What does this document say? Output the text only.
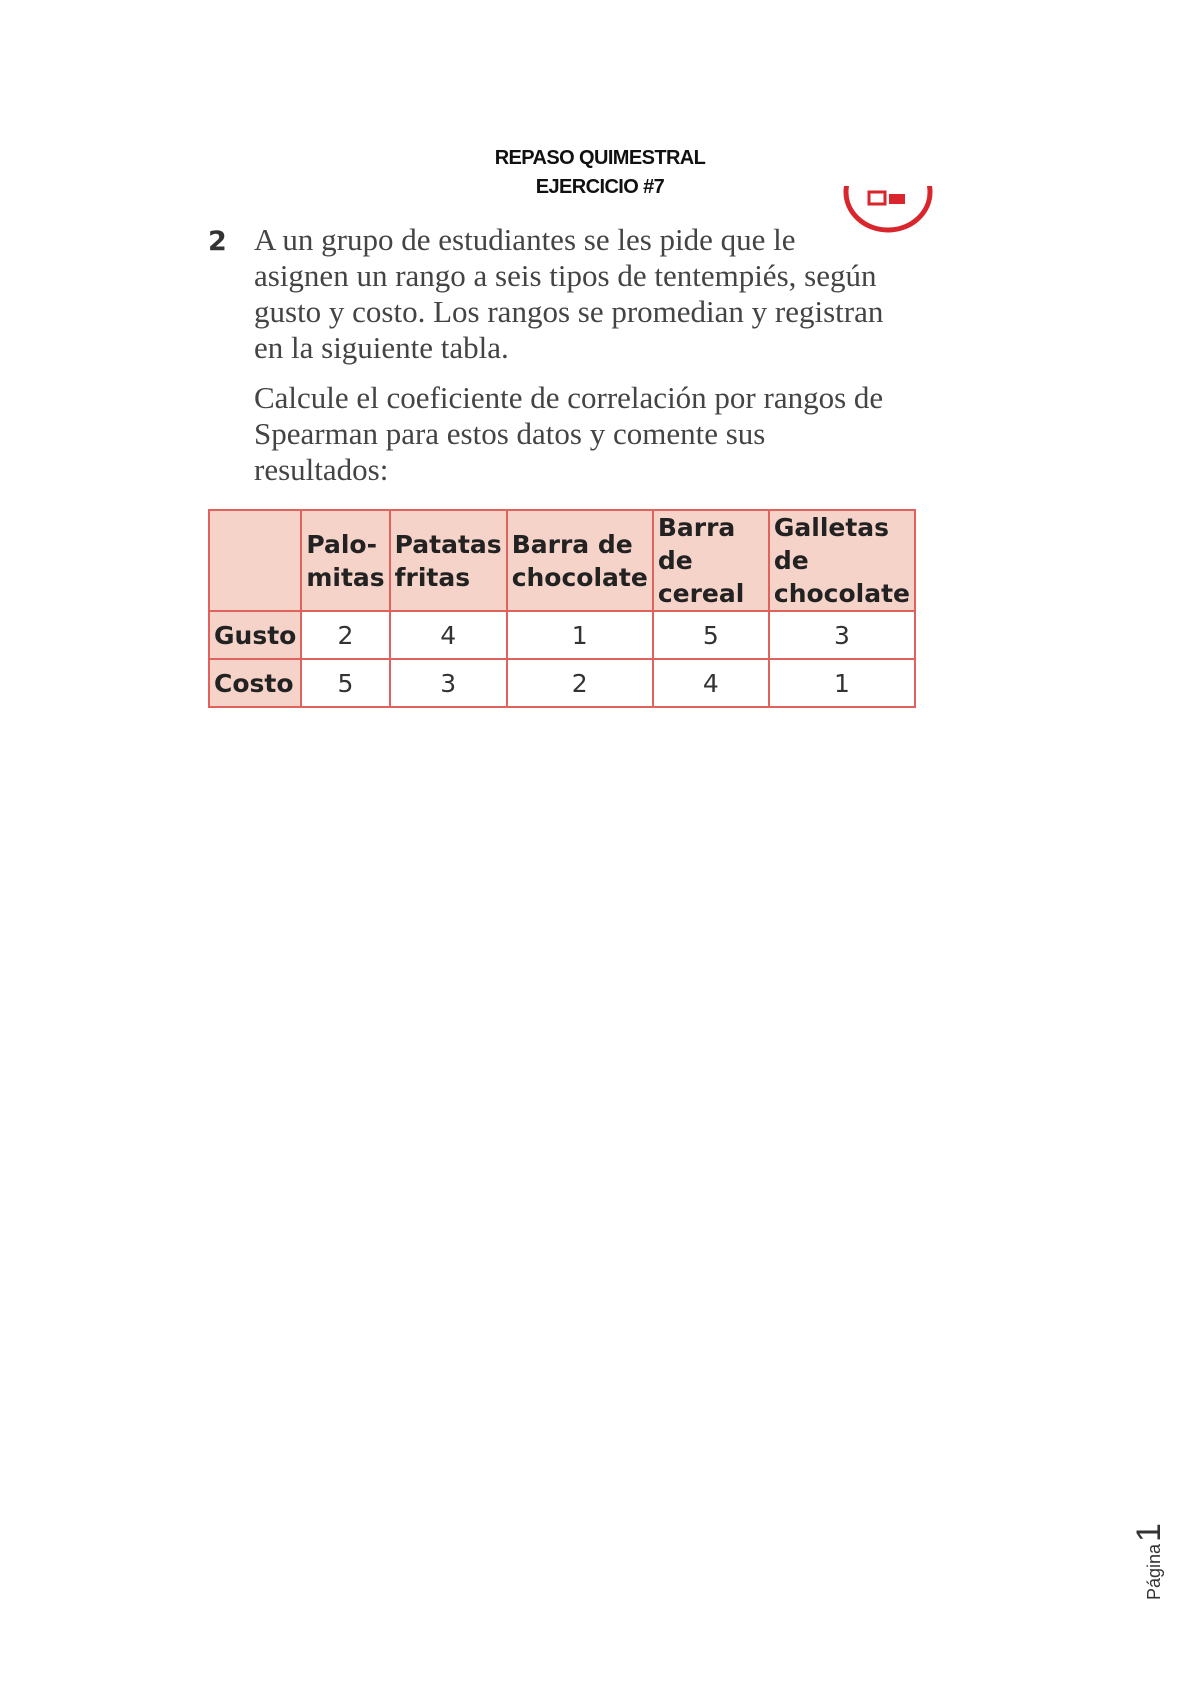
REPASO QUIMESTRAL
EJERCICIO #7
2 A un grupo de estudiantes se les pide que le asignen un rango a seis tipos de tentempiés, según gusto y costo. Los rangos se promedian y registran en la siguiente tabla.

Calcule el coeficiente de correlación por rangos de Spearman para estos datos y comente sus resultados:

	Palo-mitas	Patatas fritas	Barra de chocolate	Barra de cereal	Galletas de chocolate
Gusto	2	4	1	5	3
Costo	5	3	2	4	1
Página1
